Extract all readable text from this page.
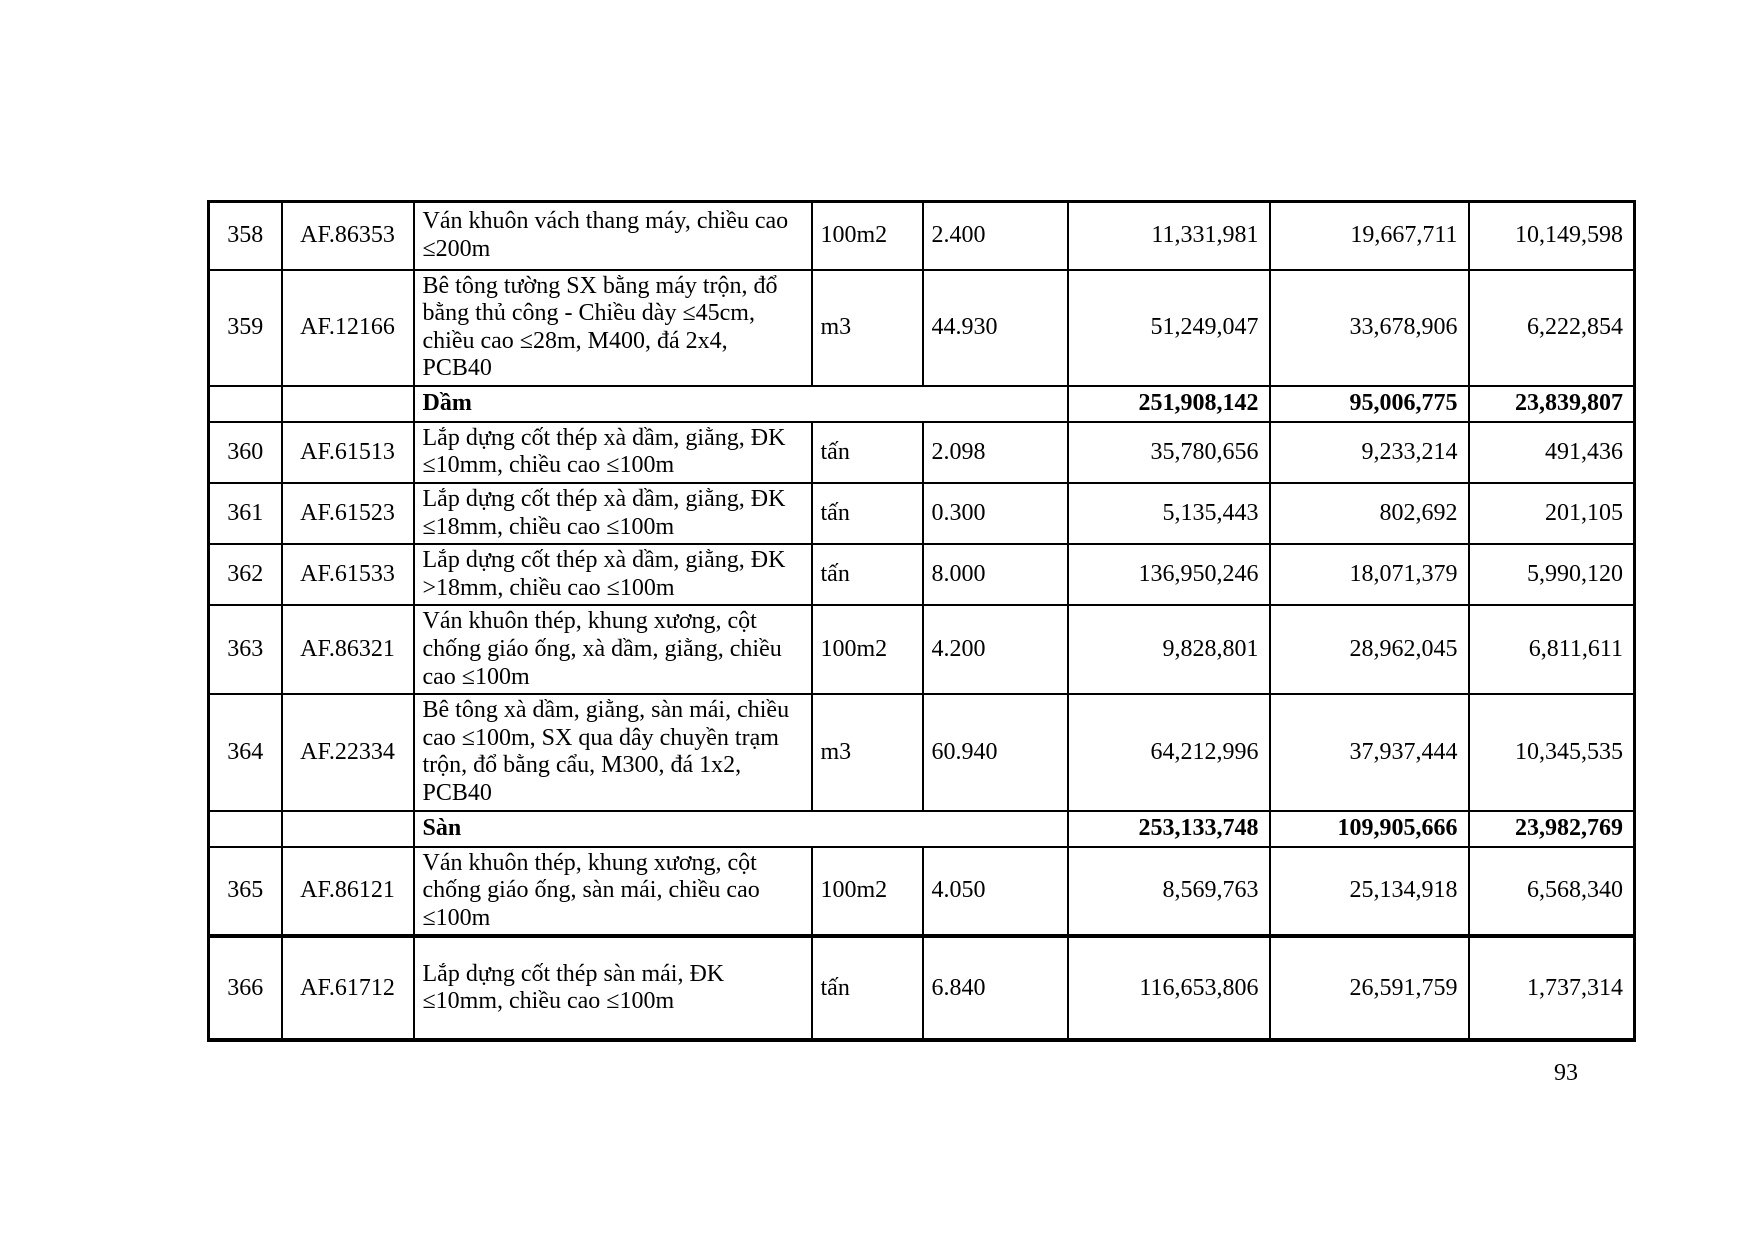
358	AF.86353	Ván khuôn vách thang máy, chiều cao ≤200m	100m2	2.400	11,331,981	19,667,711	10,149,598
359	AF.12166	Bê tông tường SX bằng máy trộn, đổ bằng thủ công - Chiều dày ≤45cm, chiều cao ≤28m, M400, đá 2x4, PCB40	m3	44.930	51,249,047	33,678,906	6,222,854
		Dầm			251,908,142	95,006,775	23,839,807
360	AF.61513	Lắp dựng cốt thép xà dầm, giằng, ĐK ≤10mm, chiều cao ≤100m	tấn	2.098	35,780,656	9,233,214	491,436
361	AF.61523	Lắp dựng cốt thép xà dầm, giằng, ĐK ≤18mm, chiều cao ≤100m	tấn	0.300	5,135,443	802,692	201,105
362	AF.61533	Lắp dựng cốt thép xà dầm, giằng, ĐK >18mm, chiều cao ≤100m	tấn	8.000	136,950,246	18,071,379	5,990,120
363	AF.86321	Ván khuôn thép, khung xương, cột chống giáo ống, xà dầm, giằng, chiều cao ≤100m	100m2	4.200	9,828,801	28,962,045	6,811,611
364	AF.22334	Bê tông xà dầm, giằng, sàn mái, chiều cao ≤100m, SX qua dây chuyền trạm trộn, đổ bằng cẩu, M300, đá 1x2, PCB40	m3	60.940	64,212,996	37,937,444	10,345,535
		Sàn			253,133,748	109,905,666	23,982,769
365	AF.86121	Ván khuôn thép, khung xương, cột chống giáo ống, sàn mái, chiều cao ≤100m	100m2	4.050	8,569,763	25,134,918	6,568,340
366	AF.61712	Lắp dựng cốt thép sàn mái, ĐK ≤10mm, chiều cao ≤100m	tấn	6.840	116,653,806	26,591,759	1,737,314
93
